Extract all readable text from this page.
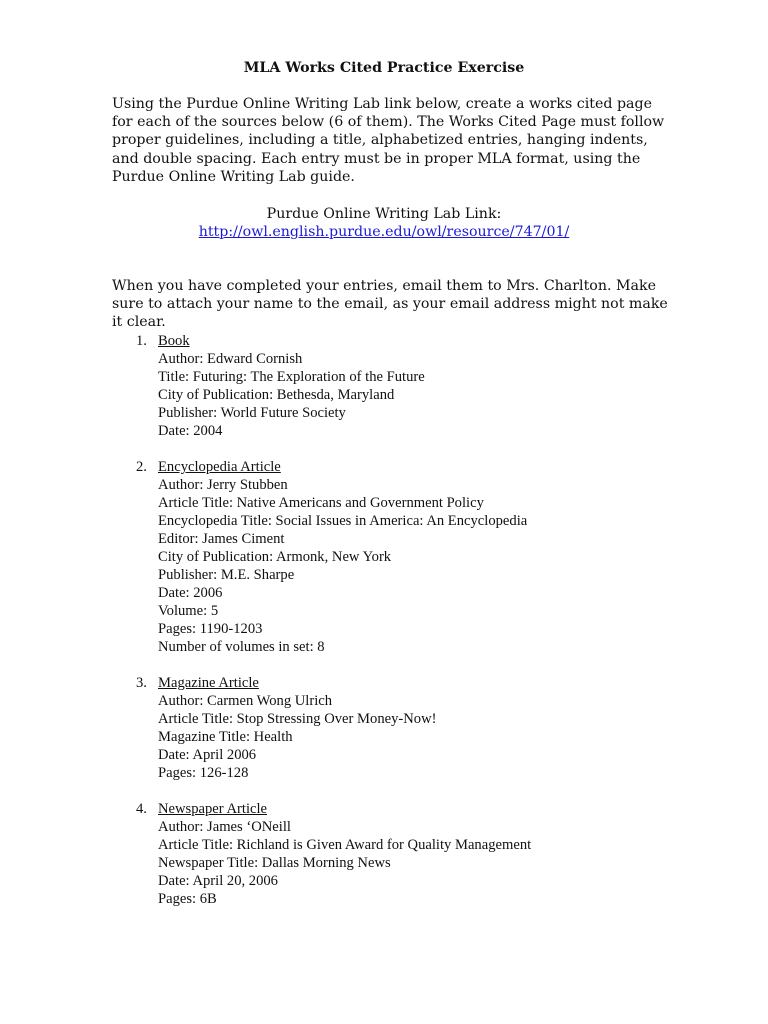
MLA Works Cited Practice Exercise

Using the Purdue Online Writing Lab link below, create a works cited page for each of the sources below (6 of them). The Works Cited Page must follow proper guidelines, including a title, alphabetized entries, hanging indents, and double spacing. Each entry must be in proper MLA format, using the Purdue Online Writing Lab guide.

Purdue Online Writing Lab Link:
http://owl.english.purdue.edu/owl/resource/747/01/

When you have completed your entries, email them to Mrs. Charlton. Make sure to attach your name to the email, as your email address might not make it clear.

1. Book
Author: Edward Cornish
Title: Futuring: The Exploration of the Future
City of Publication: Bethesda, Maryland
Publisher: World Future Society
Date: 2004
2. Encyclopedia Article
Author: Jerry Stubben
Article Title: Native Americans and Government Policy
Encyclopedia Title: Social Issues in America: An Encyclopedia
Editor: James Ciment
City of Publication: Armonk, New York
Publisher: M.E. Sharpe
Date: 2006
Volume: 5
Pages: 1190-1203
Number of volumes in set: 8
3. Magazine Article
Author: Carmen Wong Ulrich
Article Title: Stop Stressing Over Money-Now!
Magazine Title: Health
Date: April 2006
Pages: 126-128
4. Newspaper Article
Author: James ‘ONeill
Article Title: Richland is Given Award for Quality Management
Newspaper Title: Dallas Morning News
Date: April 20, 2006
Pages: 6B
